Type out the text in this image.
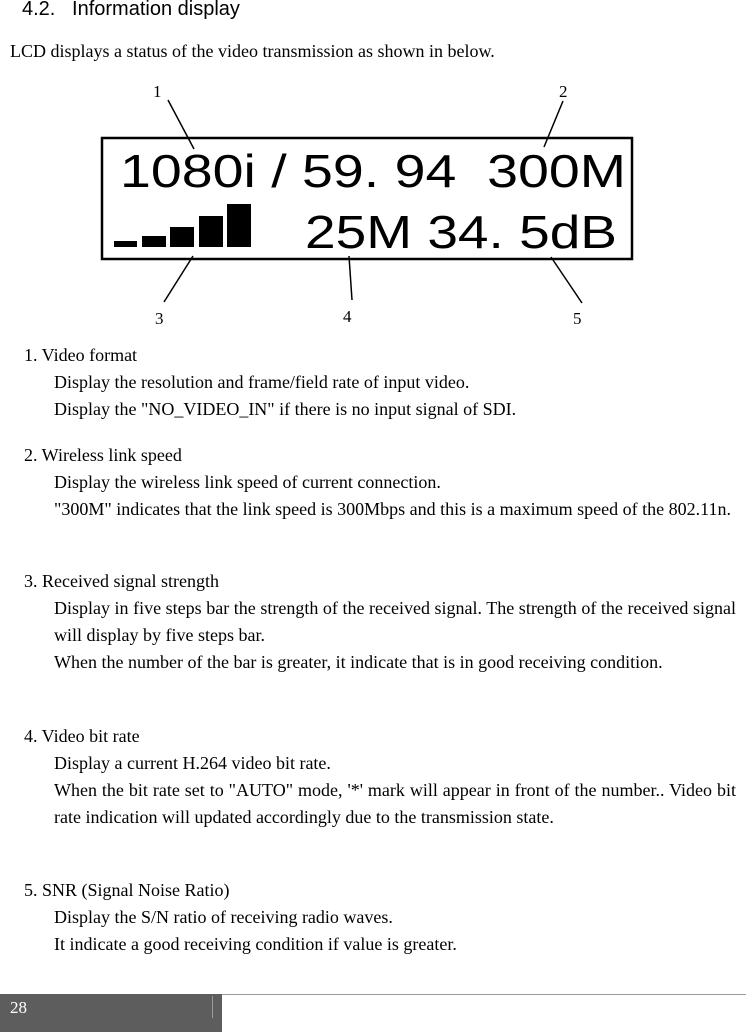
4.2. Information display
LCD displays a status of the video transmission as shown in below.
1080i / 59. 94  300M
25M 34. 5dB
1	2
3	4	5
1. Video format
Display the resolution and frame/field rate of input video.
Display the "NO_VIDEO_IN" if there is no input signal of SDI.
2. Wireless link speed
Display the wireless link speed of current connection.
"300M" indicates that the link speed is 300Mbps and this is a maximum speed of the 802.11n.
3. Received signal strength
Display in five steps bar the strength of the received signal. The strength of the received signal will display by five steps bar.
When the number of the bar is greater, it indicate that is in good receiving condition.
4. Video bit rate
Display a current H.264 video bit rate.
When the bit rate set to "AUTO" mode, '*' mark will appear in front of the number.. Video bit rate indication will updated accordingly due to the transmission state.
5. SNR (Signal Noise Ratio)
Display the S/N ratio of receiving radio waves.
It indicate a good receiving condition if value is greater.
28
